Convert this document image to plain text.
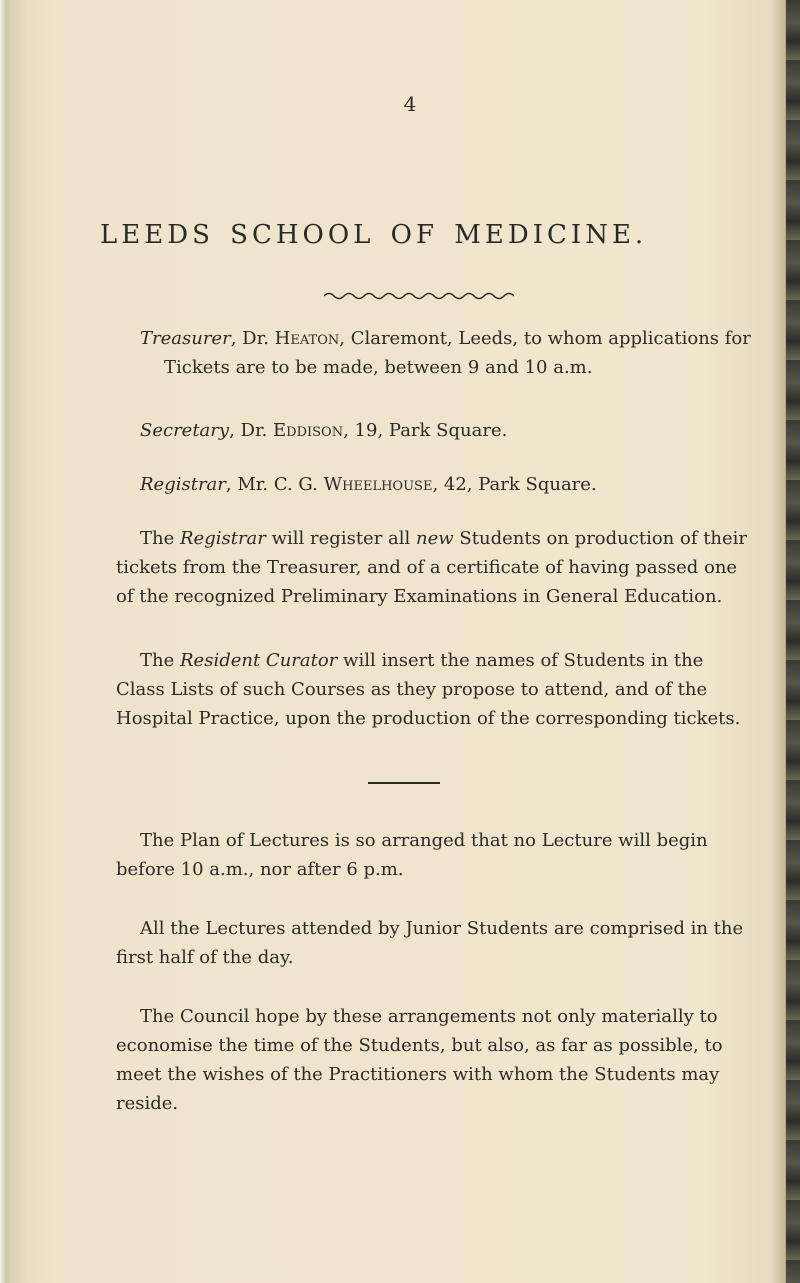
4
LEEDS SCHOOL OF MEDICINE.
Treasurer, Dr. Heaton, Claremont, Leeds, to whom applications for Tickets are to be made, between 9 and 10 a.m.
Secretary, Dr. Eddison, 19, Park Square.
Registrar, Mr. C. G. Wheelhouse, 42, Park Square.
The Registrar will register all new Students on production of their tickets from the Treasurer, and of a certificate of having passed one of the recognized Preliminary Examinations in General Education.
The Resident Curator will insert the names of Students in the Class Lists of such Courses as they propose to attend, and of the Hospital Practice, upon the production of the corresponding tickets.
The Plan of Lectures is so arranged that no Lecture will begin before 10 a.m., nor after 6 p.m.
All the Lectures attended by Junior Students are comprised in the first half of the day.
The Council hope by these arrangements not only materially to economise the time of the Students, but also, as far as possible, to meet the wishes of the Practitioners with whom the Students may reside.
